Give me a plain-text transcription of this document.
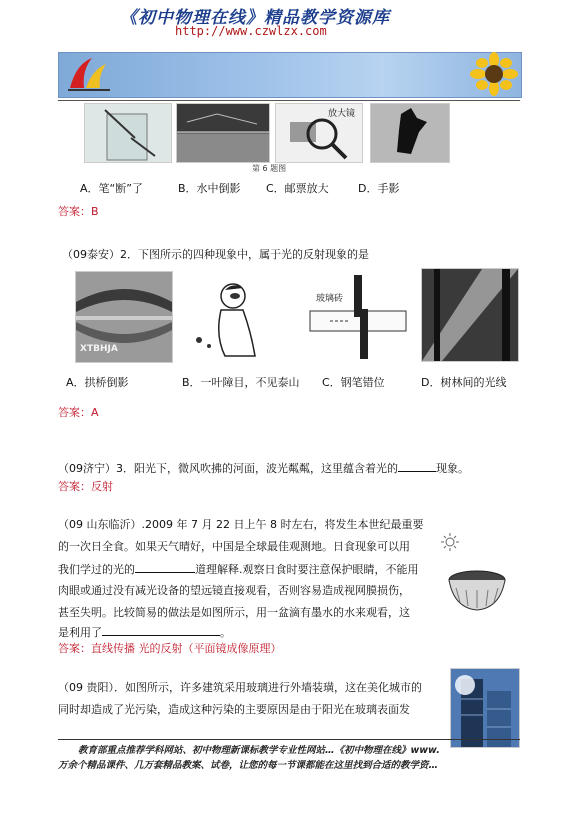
《初中物理在线》精品教学资源库
http://www.czwlzx.com
放大镜
第 6 题图
A．笔“断”了	B．水中倒影 C．邮票放大	D．手影
答案：B
（09泰安）2．下图所示的四种现象中，属于光的反射现象的是
XTBHJA
玻璃砖
A．拱桥倒影	B．一叶障目，不见泰山 C．钢笔错位	D．树林间的光线
答案：A
（09济宁）3．阳光下，微风吹拂的河面，波光粼粼，这里蕴含着光的	现象。
答案：反射
（09 山东临沂）.2009 年 7 月 22 日上午 8 时左右，将发生本世纪最重要
的一次日全食。如果天气晴好，中国是全球最佳观测地。日食现象可以用
我们学过的光的	道理解释.观察日食时要注意保护眼睛，不能用
肉眼或通过没有减光设备的望远镜直接观看，否则容易造成视网膜损伤，
甚至失明。比较简易的做法是如图所示，用一盆滴有墨水的水来观看，这
是利用了	。
答案：直线传播 光的反射（平面镜成像原理）
（09 贵阳）．如图所示，许多建筑采用玻璃进行外墙装璜，这在美化城市的
同时却造成了光污染，造成这种污染的主要原因是由于阳光在玻璃表面发
教育部重点推荐学科网站、初中物理新课标教学专业性网站…《初中物理在线》www.
万余个精品课件、几万套精品教案、试卷，让您的每一节课都能在这里找到合适的教学资…
